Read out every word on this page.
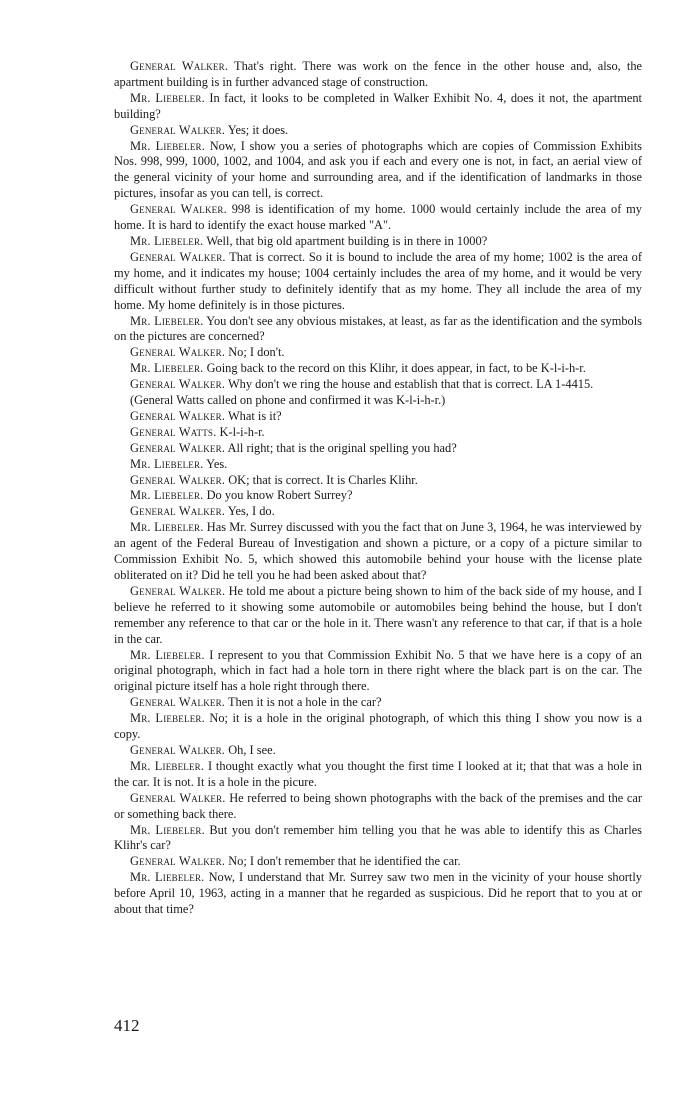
General Walker. That's right. There was work on the fence in the other house and, also, the apartment building is in further advanced stage of construction.

Mr. Liebeler. In fact, it looks to be completed in Walker Exhibit No. 4, does it not, the apartment building?

General Walker. Yes; it does.

Mr. Liebeler. Now, I show you a series of photographs which are copies of Commission Exhibits Nos. 998, 999, 1000, 1002, and 1004, and ask you if each and every one is not, in fact, an aerial view of the general vicinity of your home and surrounding area, and if the identification of landmarks in those pictures, insofar as you can tell, is correct.

General Walker. 998 is identification of my home. 1000 would certainly include the area of my home. It is hard to identify the exact house marked "A".

Mr. Liebeler. Well, that big old apartment building is in there in 1000?

General Walker. That is correct. So it is bound to include the area of my home; 1002 is the area of my home, and it indicates my house; 1004 certainly includes the area of my home, and it would be very difficult without further study to definitely identify that as my home. They all include the area of my home. My home definitely is in those pictures.

Mr. Liebeler. You don't see any obvious mistakes, at least, as far as the identification and the symbols on the pictures are concerned?

General Walker. No; I don't.

Mr. Liebeler. Going back to the record on this Klihr, it does appear, in fact, to be K-l-i-h-r.

General Walker. Why don't we ring the house and establish that that is correct. LA 1-4415.

(General Watts called on phone and confirmed it was K-l-i-h-r.)

General Walker. What is it?

General Watts. K-l-i-h-r.

General Walker. All right; that is the original spelling you had?

Mr. Liebeler. Yes.

General Walker. OK; that is correct. It is Charles Klihr.

Mr. Liebeler. Do you know Robert Surrey?

General Walker. Yes, I do.

Mr. Liebeler. Has Mr. Surrey discussed with you the fact that on June 3, 1964, he was interviewed by an agent of the Federal Bureau of Investigation and shown a picture, or a copy of a picture similar to Commission Exhibit No. 5, which showed this automobile behind your house with the license plate obliterated on it? Did he tell you he had been asked about that?

General Walker. He told me about a picture being shown to him of the back side of my house, and I believe he referred to it showing some automobile or automobiles being behind the house, but I don't remember any reference to that car or the hole in it. There wasn't any reference to that car, if that is a hole in the car.

Mr. Liebeler. I represent to you that Commission Exhibit No. 5 that we have here is a copy of an original photograph, which in fact had a hole torn in there right where the black part is on the car. The original picture itself has a hole right through there.

General Walker. Then it is not a hole in the car?

Mr. Liebeler. No; it is a hole in the original photograph, of which this thing I show you now is a copy.

General Walker. Oh, I see.

Mr. Liebeler. I thought exactly what you thought the first time I looked at it; that that was a hole in the car. It is not. It is a hole in the picure.

General Walker. He referred to being shown photographs with the back of the premises and the car or something back there.

Mr. Liebeler. But you don't remember him telling you that he was able to identify this as Charles Klihr's car?

General Walker. No; I don't remember that he identified the car.

Mr. Liebeler. Now, I understand that Mr. Surrey saw two men in the vicinity of your house shortly before April 10, 1963, acting in a manner that he regarded as suspicious. Did he report that to you at or about that time?

412
